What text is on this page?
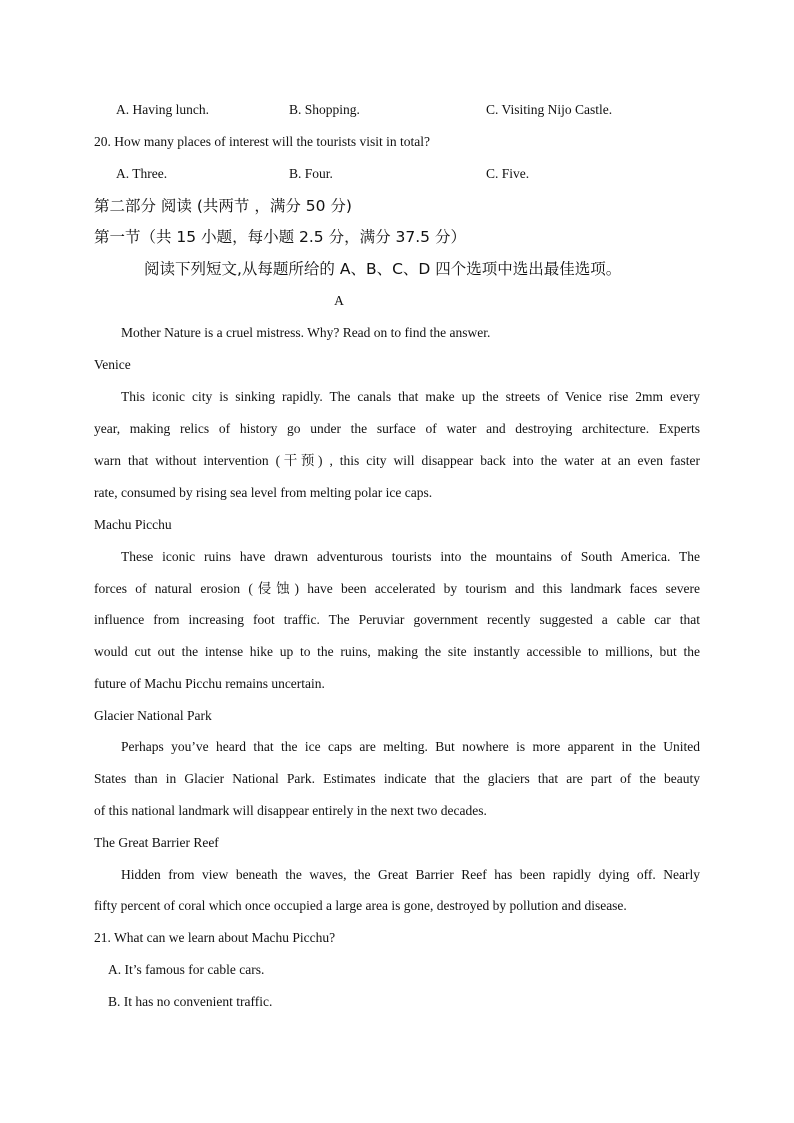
A. Having lunch.	B. Shopping.	C. Visiting Nijo Castle.
20. How many places of interest will the tourists visit in total?
A. Three.	B. Four.	C. Five.
第二部分 阅读 (共两节 ，满分 50 分)
第一节（共 15 小题，每小题 2.5 分，满分 37.5 分）
阅读下列短文,从每题所给的 A、B、C、D 四个选项中选出最佳选项。
A
Mother Nature is a cruel mistress. Why? Read on to find the answer.
Venice
This iconic city is sinking rapidly. The canals that make up the streets of Venice rise 2mm every
year, making relics of history go under the surface of water and destroying architecture. Experts
warn that without intervention (干预) , this city will disappear back into the water at an even faster
rate, consumed by rising sea level from melting polar ice caps.
Machu Picchu
These iconic ruins have drawn adventurous tourists into the mountains of South America. The
forces of natural erosion (侵蚀) have been accelerated by tourism and this landmark faces severe
influence from increasing foot traffic. The Peruviar government recently suggested a cable car that
would cut out the intense hike up to the ruins, making the site instantly accessible to millions, but the
future of Machu Picchu remains uncertain.
Glacier National Park
Perhaps you’ve heard that the ice caps are melting. But nowhere is more apparent in the United
States than in Glacier National Park. Estimates indicate that the glaciers that are part of the beauty
of this national landmark will disappear entirely in the next two decades.
The Great Barrier Reef
Hidden from view beneath the waves, the Great Barrier Reef has been rapidly dying off. Nearly
fifty percent of coral which once occupied a large area is gone, destroyed by pollution and disease.
21. What can we learn about Machu Picchu?
A. It’s famous for cable cars.
B. It has no convenient traffic.
